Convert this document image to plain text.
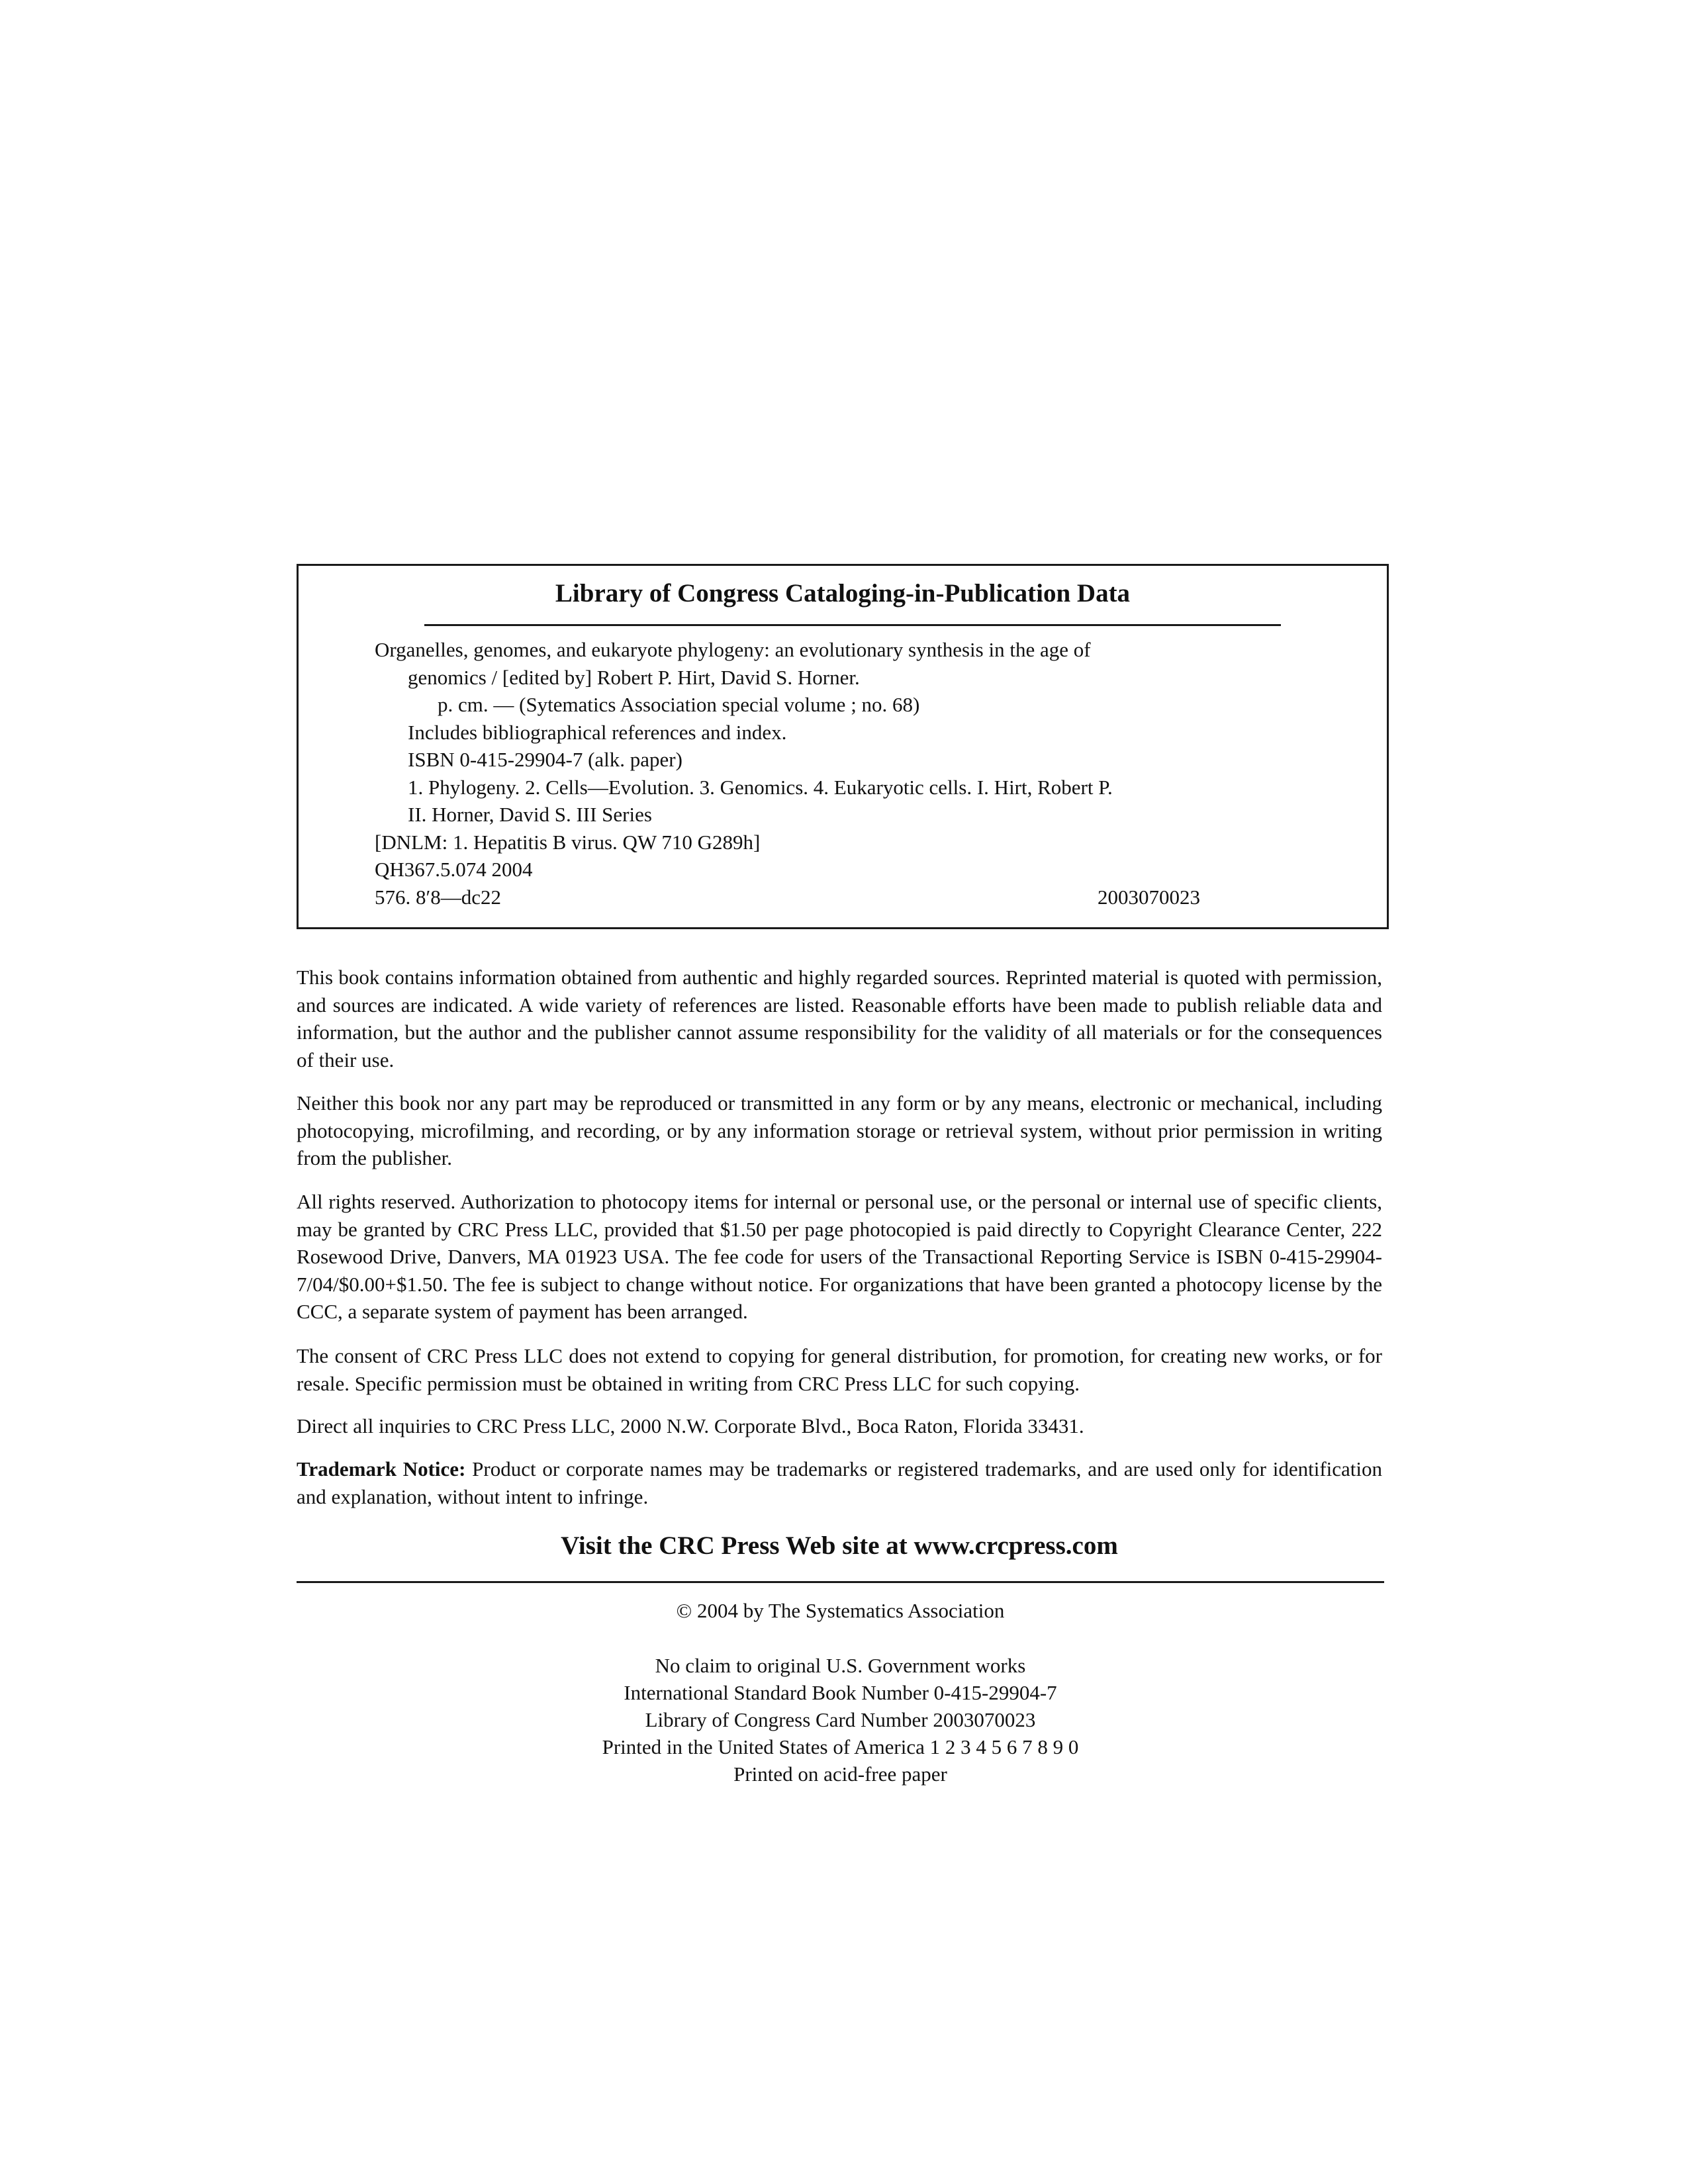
Library of Congress Cataloging-in-Publication Data
Organelles, genomes, and eukaryote phylogeny: an evolutionary synthesis in the age of
genomics / [edited by] Robert P. Hirt, David S. Horner.
p. cm. — (Sytematics Association special volume ; no. 68)
Includes bibliographical references and index.
ISBN 0-415-29904-7 (alk. paper)
1. Phylogeny. 2. Cells—Evolution. 3. Genomics. 4. Eukaryotic cells. I. Hirt, Robert P.
II. Horner, David S. III Series
[DNLM: 1. Hepatitis B virus. QW 710 G289h]
QH367.5.074 2004
576. 8′8—dc22	2003070023
This book contains information obtained from authentic and highly regarded sources. Reprinted material is quoted with permission, and sources are indicated. A wide variety of references are listed. Reasonable efforts have been made to publish reliable data and information, but the author and the publisher cannot assume responsibility for the validity of all materials or for the consequences of their use.
Neither this book nor any part may be reproduced or transmitted in any form or by any means, electronic or mechanical, including photocopying, microfilming, and recording, or by any information storage or retrieval system, without prior permission in writing from the publisher.
All rights reserved. Authorization to photocopy items for internal or personal use, or the personal or internal use of specific clients, may be granted by CRC Press LLC, provided that $1.50 per page photocopied is paid directly to Copyright Clearance Center, 222 Rosewood Drive, Danvers, MA 01923 USA. The fee code for users of the Transactional Reporting Service is ISBN 0-415-29904-7/04/$0.00+$1.50. The fee is subject to change without notice. For organizations that have been granted a photocopy license by the CCC, a separate system of payment has been arranged.
The consent of CRC Press LLC does not extend to copying for general distribution, for promotion, for creating new works, or for resale. Specific permission must be obtained in writing from CRC Press LLC for such copying.
Direct all inquiries to CRC Press LLC, 2000 N.W. Corporate Blvd., Boca Raton, Florida 33431.
Trademark Notice: Product or corporate names may be trademarks or registered trademarks, and are used only for identification and explanation, without intent to infringe.
Visit the CRC Press Web site at www.crcpress.com
© 2004 by The Systematics Association
No claim to original U.S. Government works
International Standard Book Number 0-415-29904-7
Library of Congress Card Number 2003070023
Printed in the United States of America 1 2 3 4 5 6 7 8 9 0
Printed on acid-free paper
